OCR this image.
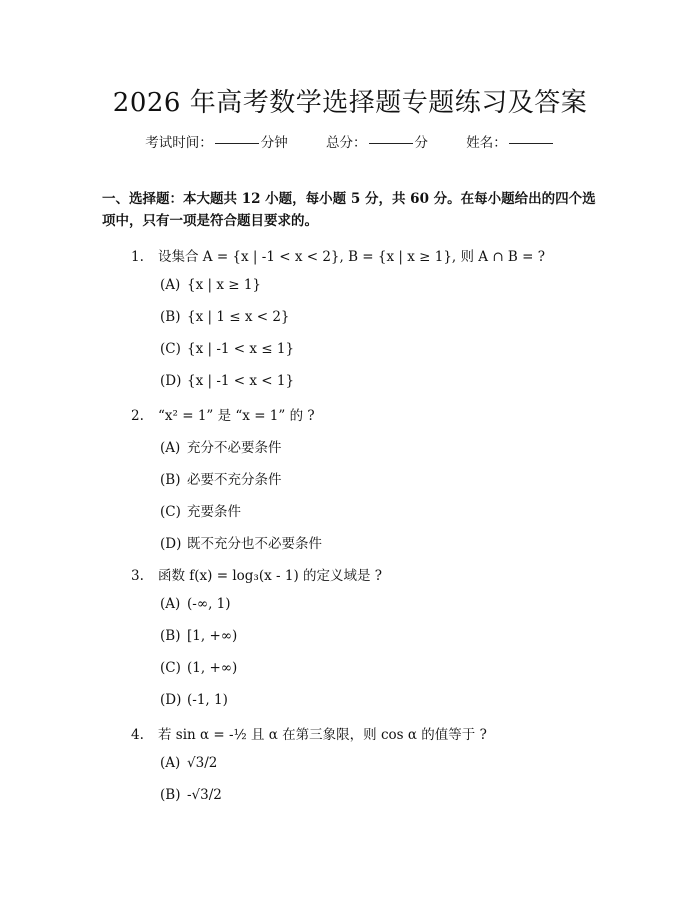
2026 年高考数学选择题专题练习及答案
考试时间：	分钟	总分：	分	姓名：
一、选择题：本大题共 12 小题，每小题 5 分，共 60 分。在每小题给出的四个选项中，只有一项是符合题目要求的。
1. 设集合 A = {x | -1 < x < 2}, B = {x | x ≥ 1}, 则 A ∩ B = ?
(A) {x | x ≥ 1}
(B) {x | 1 ≤ x < 2}
(C) {x | -1 < x ≤ 1}
(D) {x | -1 < x < 1}
2. “x² = 1” 是 “x = 1” 的 ?
(A) 充分不必要条件
(B) 必要不充分条件
(C) 充要条件
(D) 既不充分也不必要条件
3. 函数 f(x) = log₃(x - 1) 的定义域是 ?
(A) (-∞, 1)
(B) [1, +∞)
(C) (1, +∞)
(D) (-1, 1)
4. 若 sin α = -½ 且 α 在第三象限，则 cos α 的值等于 ?
(A) √3/2
(B) -√3/2
